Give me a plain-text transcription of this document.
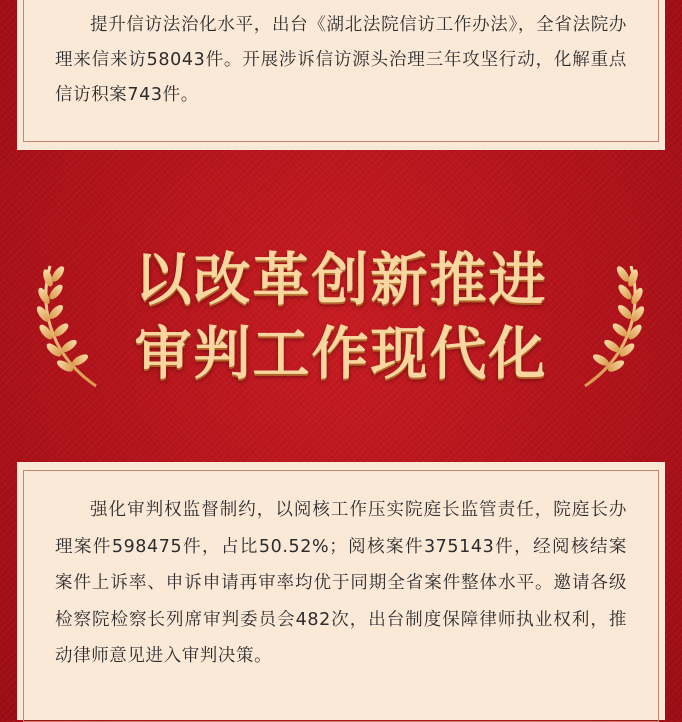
提升信访法治化水平，出台《湖北法院信访工作办法》，全省法院办理来信来访58043件。开展涉诉信访源头治理三年攻坚行动，化解重点信访积案743件。

以改革创新推进
审判工作现代化

强化审判权监督制约，以阅核工作压实院庭长监管责任，院庭长办理案件598475件，占比50.52%；阅核案件375143件，经阅核结案案件上诉率、申诉申请再审率均优于同期全省案件整体水平。邀请各级检察院检察长列席审判委员会482次，出台制度保障律师执业权利，推动律师意见进入审判决策。
